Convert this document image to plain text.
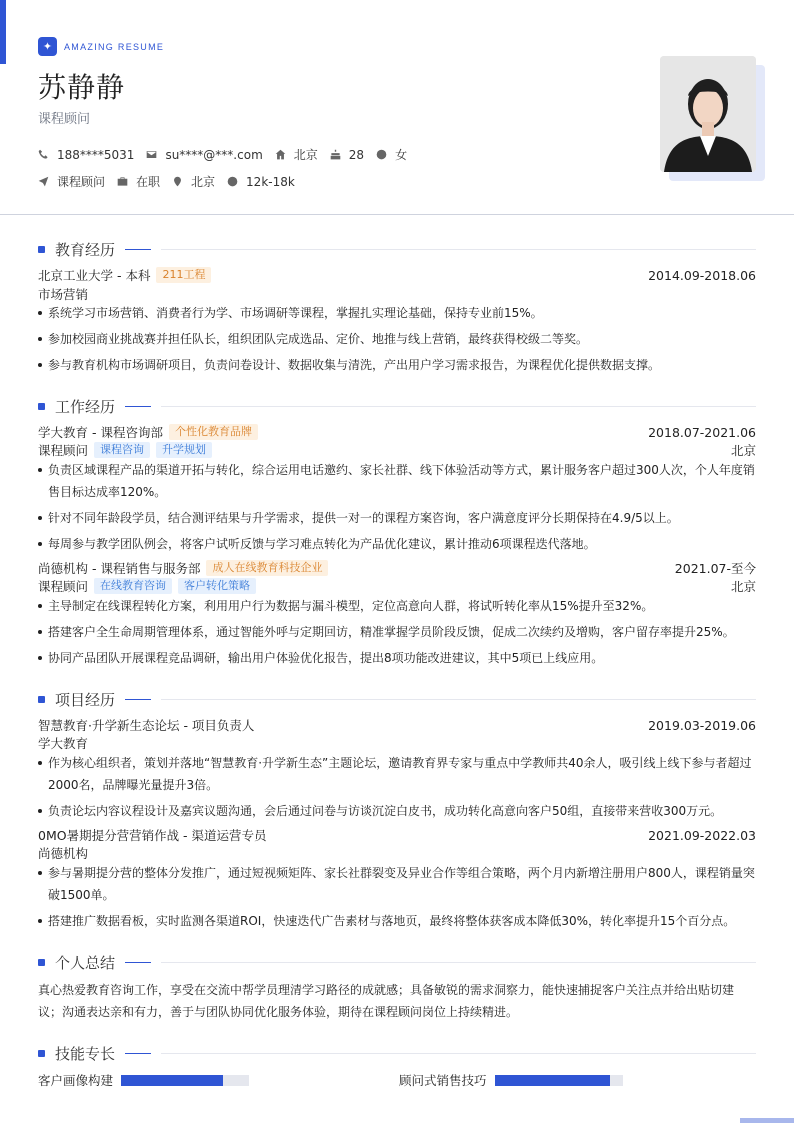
✦	AMAZING RESUME
苏静静
课程顾问
188****5031	su****@***.com	北京	28	女
课程顾问	在职	北京	12k-18k
教育经历
北京工业大学 - 本科	211工程	2014.09-2018.06
市场营销
系统学习市场营销、消费者行为学、市场调研等课程，掌握扎实理论基础，保持专业前15%。
参加校园商业挑战赛并担任队长，组织团队完成选品、定价、地推与线上营销，最终获得校级二等奖。
参与教育机构市场调研项目，负责问卷设计、数据收集与清洗，产出用户学习需求报告，为课程优化提供数据支撑。
工作经历
学大教育 - 课程咨询部	个性化教育品牌	2018.07-2021.06
课程顾问	课程咨询	升学规划	北京
负责区域课程产品的渠道开拓与转化，综合运用电话邀约、家长社群、线下体验活动等方式，累计服务客户超过300人次，个人年度销售目标达成率120%。
针对不同年龄段学员，结合测评结果与升学需求，提供一对一的课程方案咨询，客户满意度评分长期保持在4.9/5以上。
每周参与教学团队例会，将客户试听反馈与学习难点转化为产品优化建议，累计推动6项课程迭代落地。
尚德机构 - 课程销售与服务部	成人在线教育科技企业	2021.07-至今
课程顾问	在线教育咨询	客户转化策略	北京
主导制定在线课程转化方案，利用用户行为数据与漏斗模型，定位高意向人群，将试听转化率从15%提升至32%。
搭建客户全生命周期管理体系，通过智能外呼与定期回访，精准掌握学员阶段反馈，促成二次续约及增购，客户留存率提升25%。
协同产品团队开展课程竞品调研，输出用户体验优化报告，提出8项功能改进建议，其中5项已上线应用。
项目经历
智慧教育·升学新生态论坛 - 项目负责人	2019.03-2019.06
学大教育
作为核心组织者，策划并落地“智慧教育·升学新生态”主题论坛，邀请教育界专家与重点中学教师共40余人，吸引线上线下参与者超过2000名，品牌曝光量提升3倍。
负责论坛内容议程设计及嘉宾议题沟通，会后通过问卷与访谈沉淀白皮书，成功转化高意向客户50组，直接带来营收300万元。
0MO暑期提分营营销作战 - 渠道运营专员	2021.09-2022.03
尚德机构
参与暑期提分营的整体分发推广，通过短视频矩阵、家长社群裂变及异业合作等组合策略，两个月内新增注册用户800人，课程销量突破1500单。
搭建推广数据看板，实时监测各渠道ROI，快速迭代广告素材与落地页，最终将整体获客成本降低30%，转化率提升15个百分点。
个人总结
真心热爱教育咨询工作，享受在交流中帮学员理清学习路径的成就感；具备敏锐的需求洞察力，能快速捕捉客户关注点并给出贴切建议；沟通表达亲和有力，善于与团队协同优化服务体验，期待在课程顾问岗位上持续精进。
技能专长
客户画像构建	顾问式销售技巧
